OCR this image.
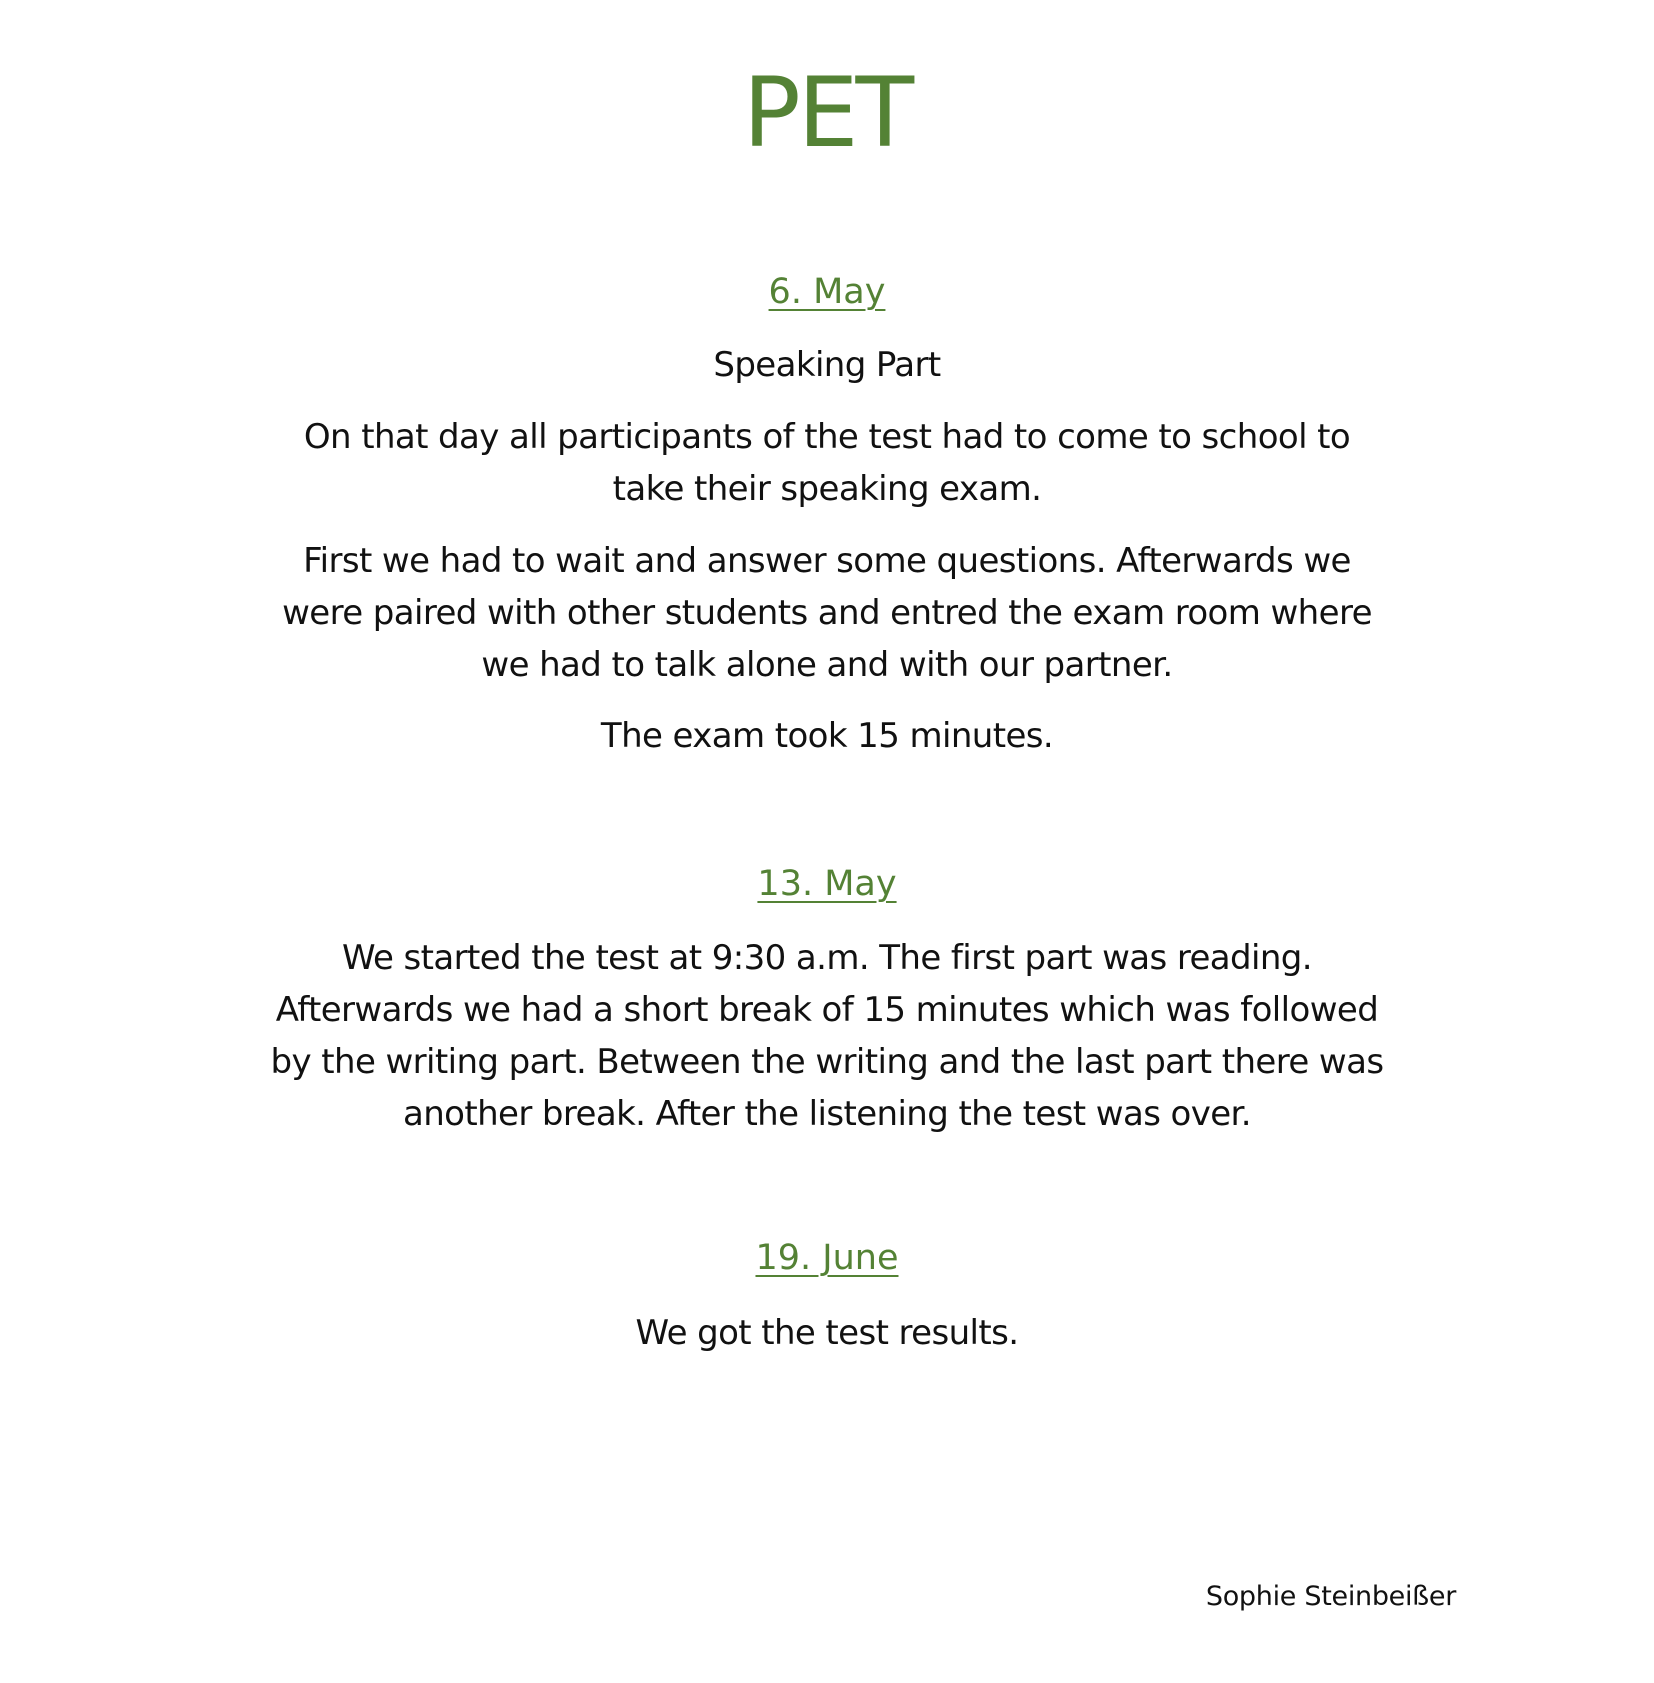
PET
6. May
Speaking Part
On that day all participants of the test had to come to school to
take their speaking exam.
First we had to wait and answer some questions. Afterwards we
were paired with other students and entred the exam room where
we had to talk alone and with our partner.
The exam took 15 minutes.
13. May
We started the test at 9:30 a.m. The first part was reading.
Afterwards we had a short break of 15 minutes which was followed
by the writing part. Between the writing and the last part there was
another break. After the listening the test was over.
19. June
We got the test results.
Sophie Steinbeißer
